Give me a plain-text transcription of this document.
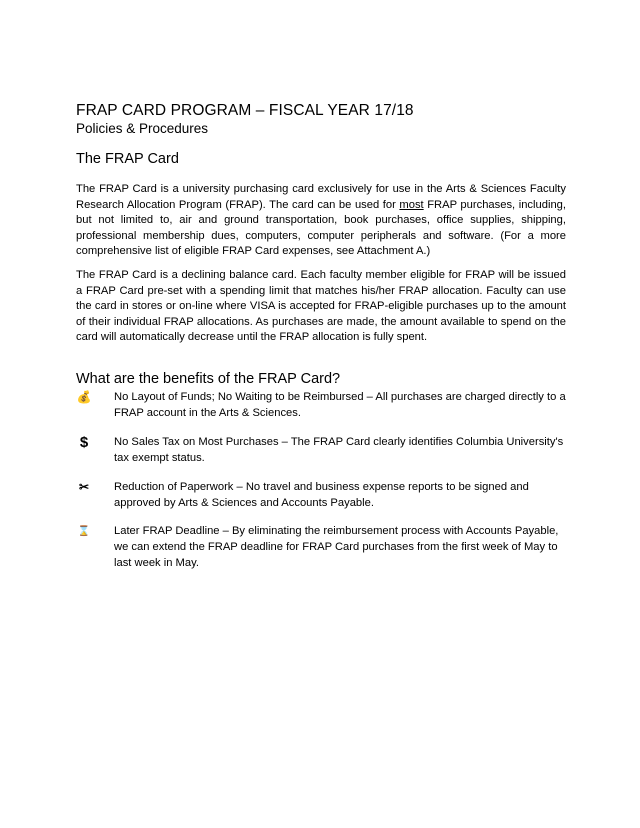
FRAP CARD PROGRAM – FISCAL YEAR 17/18
Policies & Procedures
The FRAP Card
The FRAP Card is a university purchasing card exclusively for use in the Arts & Sciences Faculty Research Allocation Program (FRAP). The card can be used for most FRAP purchases, including, but not limited to, air and ground transportation, book purchases, office supplies, shipping, professional membership dues, computers, computer peripherals and software. (For a more comprehensive list of eligible FRAP Card expenses, see Attachment A.)
The FRAP Card is a declining balance card. Each faculty member eligible for FRAP will be issued a FRAP Card pre-set with a spending limit that matches his/her FRAP allocation. Faculty can use the card in stores or on-line where VISA is accepted for FRAP-eligible purchases up to the amount of their individual FRAP allocations. As purchases are made, the amount available to spend on the card will automatically decrease until the FRAP allocation is fully spent.
What are the benefits of the FRAP Card?
💰 No Layout of Funds; No Waiting to be Reimbursed – All purchases are charged directly to a FRAP account in the Arts & Sciences.
$	No Sales Tax on Most Purchases – The FRAP Card clearly identifies Columbia University's tax exempt status.
✂ Reduction of Paperwork – No travel and business expense reports to be signed and approved by Arts & Sciences and Accounts Payable.
⌛ Later FRAP Deadline – By eliminating the reimbursement process with Accounts Payable, we can extend the FRAP deadline for FRAP Card purchases from the first week of May to last week in May.
